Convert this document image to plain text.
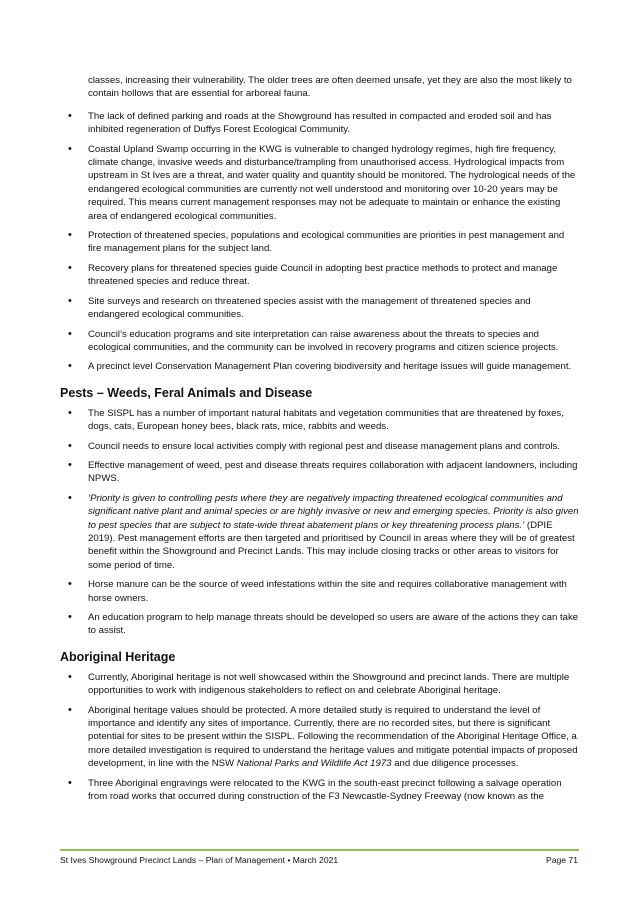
classes, increasing their vulnerability. The older trees are often deemed unsafe, yet they are also the most likely to contain hollows that are essential for arboreal fauna.

• The lack of defined parking and roads at the Showground has resulted in compacted and eroded soil and has inhibited regeneration of Duffys Forest Ecological Community.
• Coastal Upland Swamp occurring in the KWG is vulnerable to changed hydrology regimes, high fire frequency, climate change, invasive weeds and disturbance/trampling from unauthorised access. Hydrological impacts from upstream in St Ives are a threat, and water quality and quantity should be monitored. The hydrological needs of the endangered ecological communities are currently not well understood and monitoring over 10-20 years may be required. This means current management responses may not be adequate to maintain or enhance the existing area of endangered ecological communities.
• Protection of threatened species, populations and ecological communities are priorities in pest management and fire management plans for the subject land.
• Recovery plans for threatened species guide Council in adopting best practice methods to protect and manage threatened species and reduce threat.
• Site surveys and research on threatened species assist with the management of threatened species and endangered ecological communities.
• Council’s education programs and site interpretation can raise awareness about the threats to species and ecological communities, and the community can be involved in recovery programs and citizen science projects.
• A precinct level Conservation Management Plan covering biodiversity and heritage issues will guide management.
Pests – Weeds, Feral Animals and Disease
• The SISPL has a number of important natural habitats and vegetation communities that are threatened by foxes, dogs, cats, European honey bees, black rats, mice, rabbits and weeds.
• Council needs to ensure local activities comply with regional pest and disease management plans and controls.
• Effective management of weed, pest and disease threats requires collaboration with adjacent landowners, including NPWS.
• ‘Priority is given to controlling pests where they are negatively impacting threatened ecological communities and significant native plant and animal species or are highly invasive or new and emerging species. Priority is also given to pest species that are subject to state-wide threat abatement plans or key threatening process plans.’ (DPIE 2019). Pest management efforts are then targeted and prioritised by Council in areas where they will be of greatest benefit within the Showground and Precinct Lands. This may include closing tracks or other areas to visitors for some period of time.
• Horse manure can be the source of weed infestations within the site and requires collaborative management with horse owners.
• An education program to help manage threats should be developed so users are aware of the actions they can take to assist.
Aboriginal Heritage
• Currently, Aboriginal heritage is not well showcased within the Showground and precinct lands. There are multiple opportunities to work with indigenous stakeholders to reflect on and celebrate Aboriginal heritage.
• Aboriginal heritage values should be protected. A more detailed study is required to understand the level of importance and identify any sites of importance. Currently, there are no recorded sites, but there is significant potential for sites to be present within the SISPL. Following the recommendation of the Aboriginal Heritage Office, a more detailed investigation is required to understand the heritage values and mitigate potential impacts of proposed development, in line with the NSW National Parks and Wildlife Act 1973 and due diligence processes.
• Three Aboriginal engravings were relocated to the KWG in the south-east precinct following a salvage operation from road works that occurred during construction of the F3 Newcastle-Sydney Freeway (now known as the
St Ives Showground Precinct Lands – Plan of Management • March 2021	Page 71
